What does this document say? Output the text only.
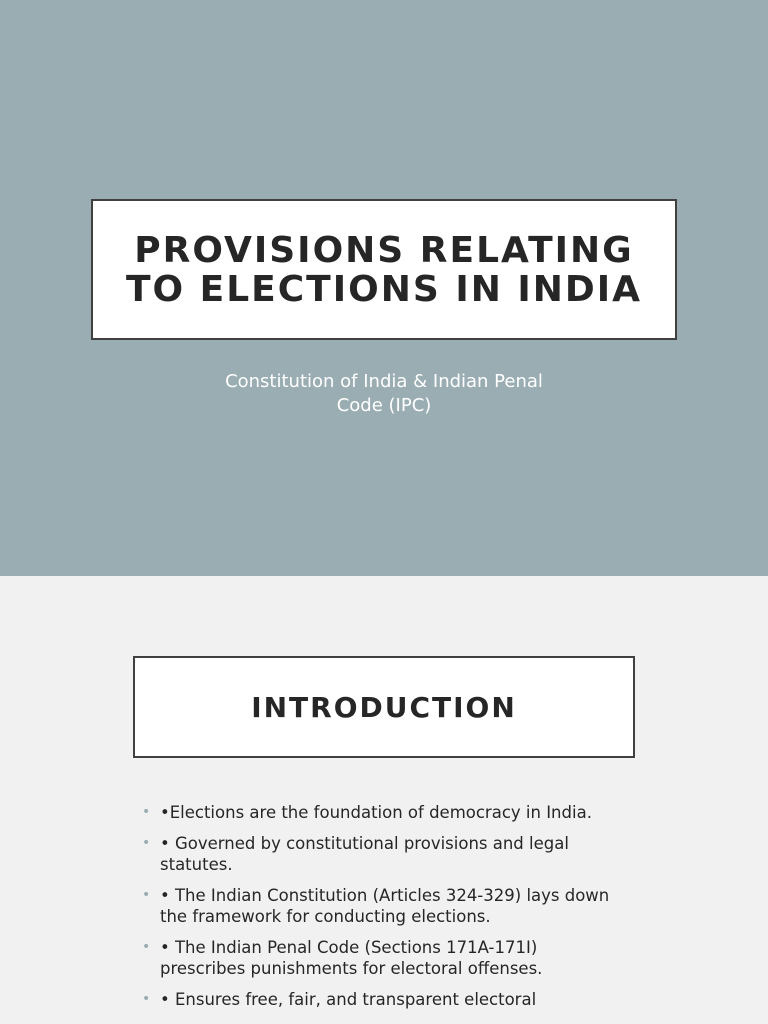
PROVISIONS RELATING
TO ELECTIONS IN INDIA
Constitution of India & Indian Penal
Code (IPC)
INTRODUCTION
• •Elections are the foundation of democracy in India.
• • Governed by constitutional provisions and legal statutes.
• • The Indian Constitution (Articles 324-329) lays down the framework for conducting elections.
• • The Indian Penal Code (Sections 171A-171I) prescribes punishments for electoral offenses.
• • Ensures free, fair, and transparent electoral
